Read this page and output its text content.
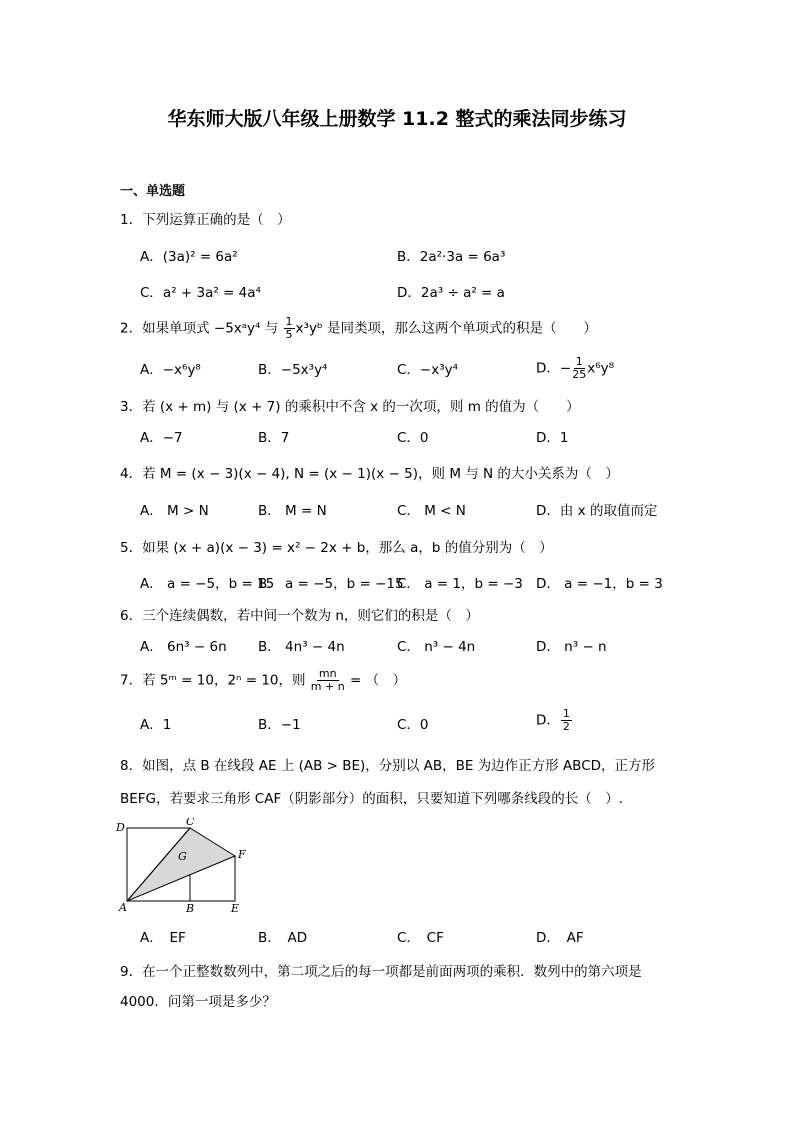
华东师大版八年级上册数学 11.2 整式的乘法同步练习
一、单选题
1．下列运算正确的是（　）
A．(3a)² = 6a²	B．2a²·3a = 6a³
C．a² + 3a² = 4a⁴	D．2a³ ÷ a² = a
2．如果单项式 −5xᵃy⁴ 与 $\frac{1}{5}$ x³yᵇ 是同类项，那么这两个单项式的积是（　　）
A．−x⁶y⁸	B．−5x³y⁴	C．−x³y⁴	D．− $\frac{1}{25} x^6y^8$
3．若 (x + m) 与 (x + 7) 的乘积中不含 x 的一次项，则 m 的值为（　　）
A．−7	B．7	C．0	D．1
4．若 M = (x − 3)(x − 4), N = (x − 1)(x − 5)，则 M 与 N 的大小关系为（　）
A． M > N	B． M = N	C． M < N	D．由 x 的取值而定
5．如果 (x + a)(x − 3) = x² − 2x + b，那么 a，b 的值分别为（　）
A． a = −5，b = 15
B． a = −5，b = −15
C． a = 1，b = −3 D． a = −1，b = 3
6．三个连续偶数，若中间一个数为 n，则它们的积是（　）
A． 6n³ − 6n B． 4n³ − 4n	C． n³ − 4n	D． n³ − n
7．若 5ᵐ = 10，2ⁿ = 10，则 $\frac{mn}{m + n}$ = （　）
A．1	B．−1	C．0	D． $\frac{1}{2}$
8．如图，点 B 在线段 AE 上 (AB > BE)，分别以 AB，BE 为边作正方形 ABCD，正方形
BEFG，若要求三角形 CAF（阴影部分）的面积，只要知道下列哪条线段的长（　）.
D	C
G	F
A	B	E
A．　EF	B．　AD	C．　CF	D．　AF
9．在一个正整数数列中，第二项之后的每一项都是前面两项的乘积．数列中的第六项是
4000．问第一项是多少？
